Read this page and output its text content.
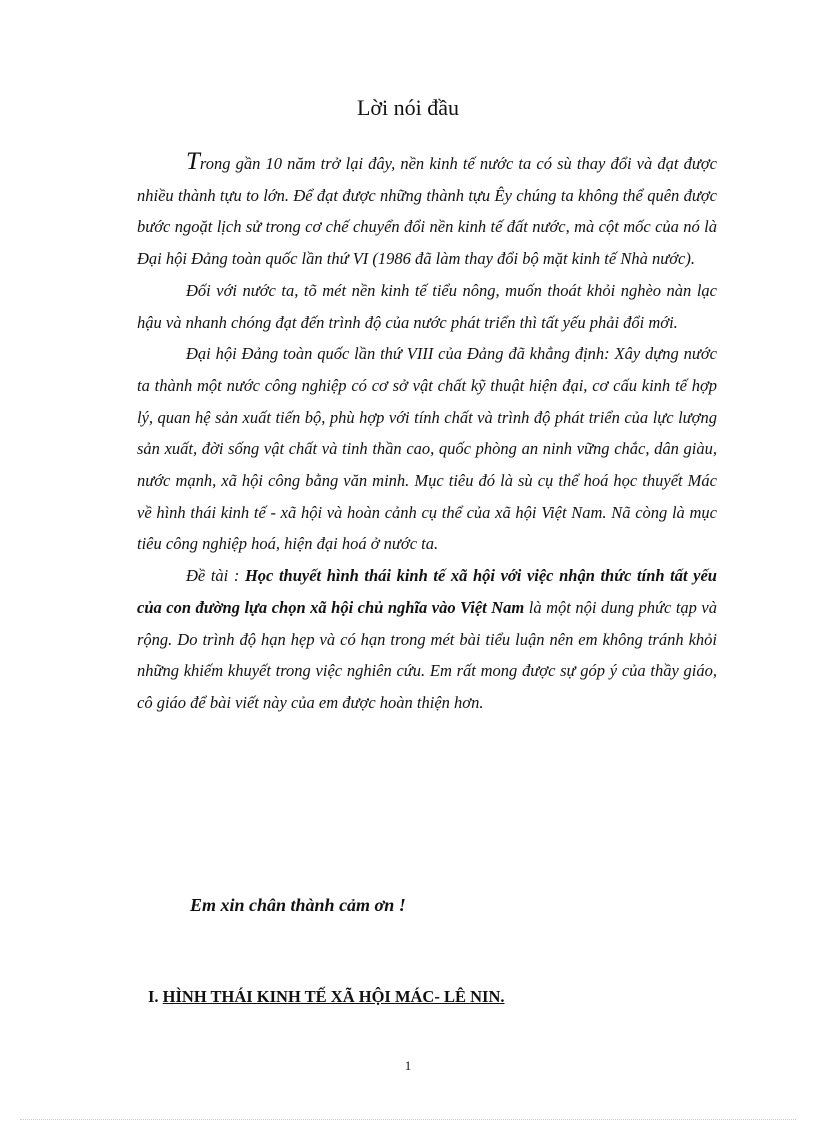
Lời nói đầu

Trong gần 10 năm trở lại đây, nền kinh tế nước ta có sù thay đổi và đạt được nhiều thành tựu to lớn. Để đạt được những thành tựu Êy chúng ta không thể quên được bước ngoặt lịch sử trong cơ chế chuyển đổi nền kinh tế đất nước, mà cột mốc của nó là Đại hội Đảng toàn quốc lần thứ VI (1986 đã làm thay đổi bộ mặt kinh tế Nhà nước).

Đối với nước ta, tõ mét nền kinh tế tiểu nông, muốn thoát khỏi nghèo nàn lạc hậu và nhanh chóng đạt đến trình độ của nước phát triển thì tất yếu phải đổi mới.

Đại hội Đảng toàn quốc lần thứ VIII của Đảng đã khẳng định: Xây dựng nước ta thành một nước công nghiệp có cơ sở vật chất kỹ thuật hiện đại, cơ cấu kinh tế hợp lý, quan hệ sản xuất tiến bộ, phù hợp với tính chất và trình độ phát triển của lực lượng sản xuất, đời sống vật chất và tinh thần cao, quốc phòng an ninh vững chắc, dân giàu, nước mạnh, xã hội công bằng văn minh. Mục tiêu đó là sù cụ thể hoá học thuyết Mác về hình thái kinh tế - xã hội và hoàn cảnh cụ thể của xã hội Việt Nam. Nã còng là mục tiêu công nghiệp hoá, hiện đại hoá ở nước ta.

Đề tài : Học thuyết hình thái kinh tế xã hội với việc nhận thức tính tất yếu của con đường lựa chọn xã hội chủ nghĩa vào Việt Nam là một nội dung phức tạp và rộng. Do trình độ hạn hẹp và có hạn trong mét bài tiểu luận nên em không tránh khỏi những khiếm khuyết trong việc nghiên cứu. Em rất mong được sự góp ý của thầy giáo, cô giáo để bài viết này của em được hoàn thiện hơn.

Em xin chân thành cảm ơn !

I. HÌNH THÁI KINH TẾ XÃ HỘI MÁC- LÊ NIN.
1
